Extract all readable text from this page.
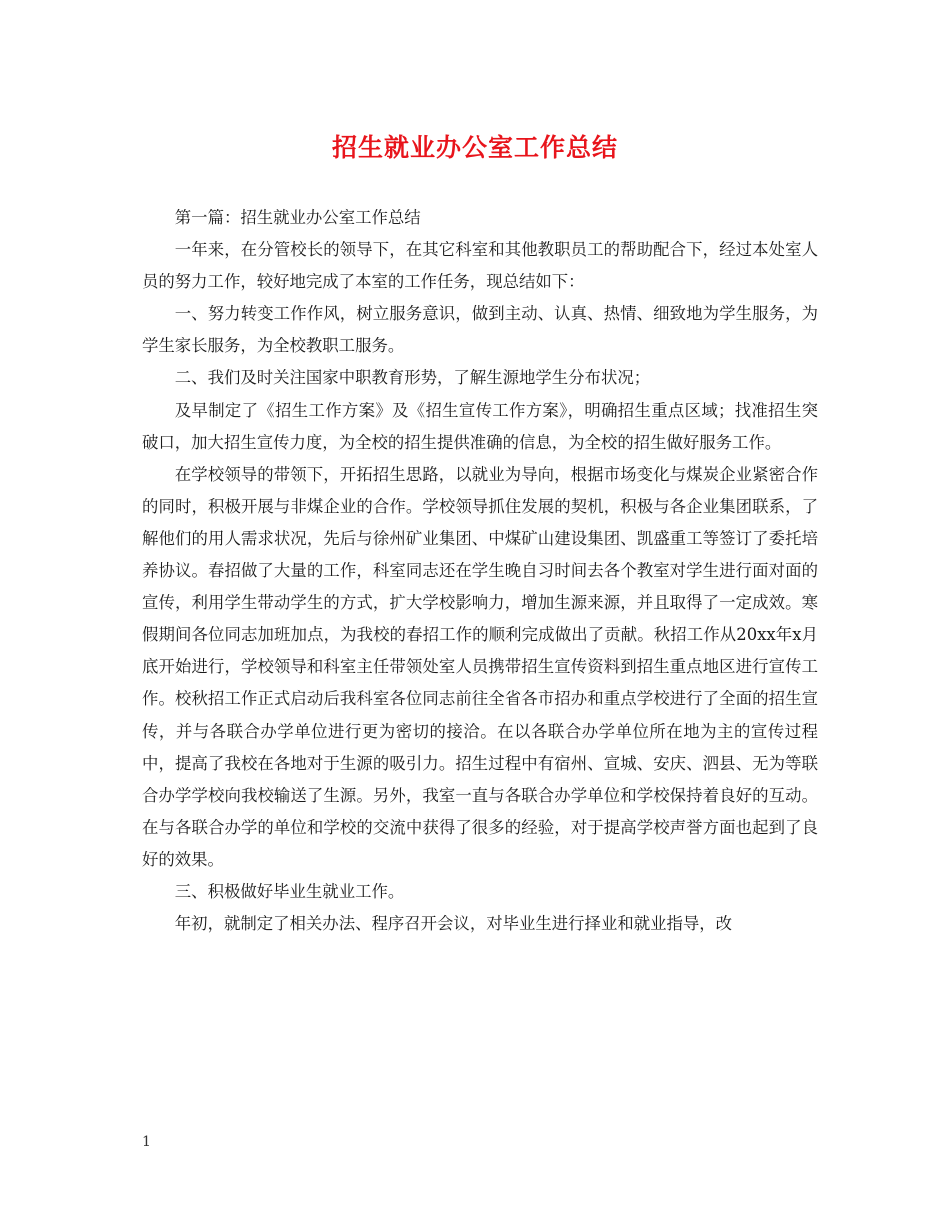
招生就业办公室工作总结

第一篇：招生就业办公室工作总结

一年来，在分管校长的领导下，在其它科室和其他教职员工的帮助配合下，经过本处室人员的努力工作，较好地完成了本室的工作任务，现总结如下：

一、努力转变工作作风，树立服务意识，做到主动、认真、热情、细致地为学生服务，为学生家长服务，为全校教职工服务。

二、我们及时关注国家中职教育形势，了解生源地学生分布状况；

及早制定了《招生工作方案》及《招生宣传工作方案》，明确招生重点区域；找准招生突破口，加大招生宣传力度，为全校的招生提供准确的信息，为全校的招生做好服务工作。

在学校领导的带领下，开拓招生思路，以就业为导向，根据市场变化与煤炭企业紧密合作的同时，积极开展与非煤企业的合作。学校领导抓住发展的契机，积极与各企业集团联系，了解他们的用人需求状况，先后与徐州矿业集团、中煤矿山建设集团、凯盛重工等签订了委托培养协议。春招做了大量的工作，科室同志还在学生晚自习时间去各个教室对学生进行面对面的宣传，利用学生带动学生的方式，扩大学校影响力，增加生源来源，并且取得了一定成效。寒假期间各位同志加班加点，为我校的春招工作的顺利完成做出了贡献。秋招工作从20xx年x月底开始进行，学校领导和科室主任带领处室人员携带招生宣传资料到招生重点地区进行宣传工作。校秋招工作正式启动后我科室各位同志前往全省各市招办和重点学校进行了全面的招生宣传，并与各联合办学单位进行更为密切的接洽。在以各联合办学单位所在地为主的宣传过程中，提高了我校在各地对于生源的吸引力。招生过程中有宿州、宣城、安庆、泗县、无为等联合办学学校向我校输送了生源。另外，我室一直与各联合办学单位和学校保持着良好的互动。在与各联合办学的单位和学校的交流中获得了很多的经验，对于提高学校声誉方面也起到了良好的效果。

三、积极做好毕业生就业工作。

年初，就制定了相关办法、程序召开会议，对毕业生进行择业和就业指导，改

1
